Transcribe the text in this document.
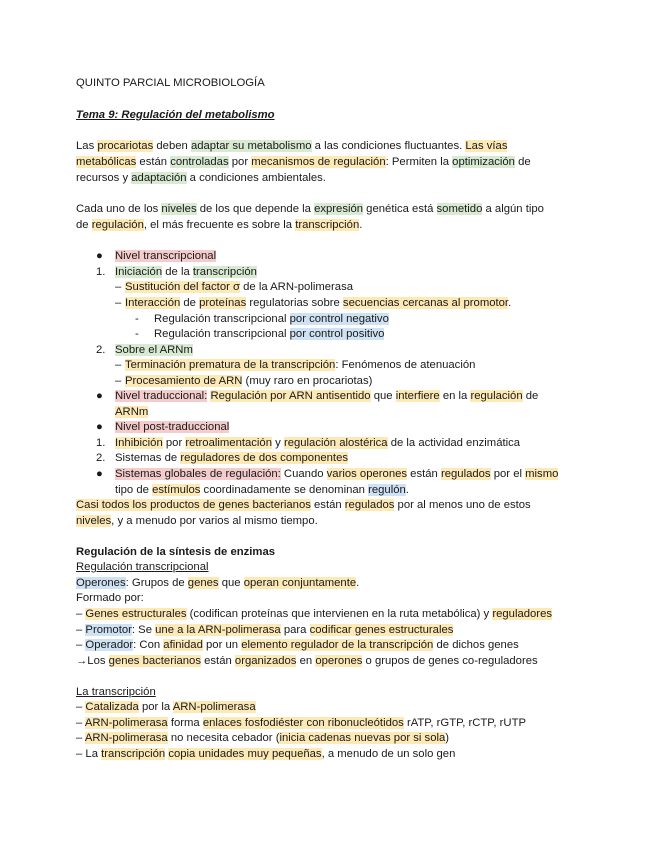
QUINTO PARCIAL MICROBIOLOGÍA
Tema 9: Regulación del metabolismo
Las procariotas deben adaptar su metabolismo a las condiciones fluctuantes. Las vías
metabólicas están controladas por mecanismos de regulación: Permiten la optimización de
recursos y adaptación a condiciones ambientales.
Cada uno de los niveles de los que depende la expresión genética está sometido a algún tipo
de regulación, el más frecuente es sobre la transcripción.
● Nivel transcripcional
1. Iniciación de la transcripción
– Sustitución del factor σ de la ARN-polimerasa
– Interacción de proteínas regulatorias sobre secuencias cercanas al promotor.
- Regulación transcripcional por control negativo
- Regulación transcripcional por control positivo
2. Sobre el ARNm
– Terminación prematura de la transcripción: Fenómenos de atenuación
– Procesamiento de ARN (muy raro en procariotas)
● Nivel traduccional: Regulación por ARN antisentido que interfiere en la regulación de
ARNm
● Nivel post-traduccional
1. Inhibición por retroalimentación y regulación alostérica de la actividad enzimática
2. Sistemas de reguladores de dos componentes
● Sistemas globales de regulación: Cuando varios operones están regulados por el mismo
tipo de estímulos coordinadamente se denominan regulón.
Casi todos los productos de genes bacterianos están regulados por al menos uno de estos
niveles, y a menudo por varios al mismo tiempo.
Regulación de la síntesis de enzimas
Regulación transcripcional
Operones: Grupos de genes que operan conjuntamente.
Formado por:
– Genes estructurales (codifican proteínas que intervienen en la ruta metabólica) y reguladores
– Promotor: Se une a la ARN-polimerasa para codificar genes estructurales
– Operador: Con afinidad por un elemento regulador de la transcripción de dichos genes
→Los genes bacterianos están organizados en operones o grupos de genes co-reguladores
La transcripción
– Catalizada por la ARN-polimerasa
– ARN-polimerasa forma enlaces fosfodiéster con ribonucleótidos rATP, rGTP, rCTP, rUTP
– ARN-polimerasa no necesita cebador (inicia cadenas nuevas por si sola)
– La transcripción copia unidades muy pequeñas, a menudo de un solo gen
